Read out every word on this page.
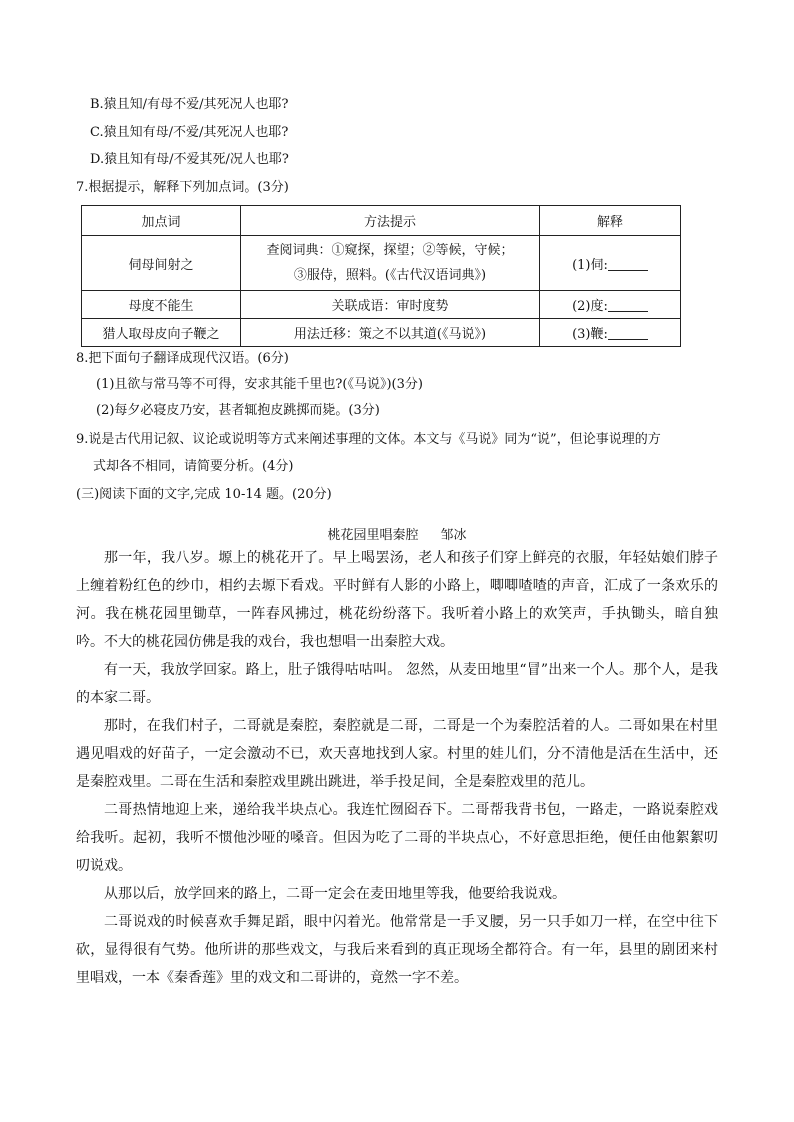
B.猿且知/有母不爱/其死况人也耶?
C.猿且知有母/不爱/其死况人也耶?
D.猿且知有母/不爱其死/况人也耶?
7.根据提示，解释下列加点词。(3分)
加点词	方法提示	解释
伺母间射之	查阅词典：①窥探，探望；②等候，守候；
③服侍，照料。(《古代汉语词典》)	(1)伺:
母度不能生	关联成语：审时度势	(2)度:
猎人取母皮向子鞭之	用法迁移：策之不以其道(《马说》)	(3)鞭:
8.把下面句子翻译成现代汉语。(6分)
(1)且欲与常马等不可得，安求其能千里也?(《马说》)(3分)
(2)每夕必寝皮乃安，甚者辄抱皮跳掷而毙。(3分)
9.说是古代用记叙、议论或说明等方式来阐述事理的文体。本文与《马说》同为“说”，但论事说理的方
式却各不相同，请简要分析。(4分)
(三)阅读下面的文字,完成 10-14 题。(20分)
桃花园里唱秦腔 邹冰

那一年，我八岁。塬上的桃花开了。早上喝罢汤，老人和孩子们穿上鲜亮的衣服，年轻姑娘们脖子上缠着粉红色的纱巾，相约去塬下看戏。平时鲜有人影的小路上，唧唧喳喳的声音，汇成了一条欢乐的河。我在桃花园里锄草，一阵春风拂过，桃花纷纷落下。我听着小路上的欢笑声，手执锄头，暗自独吟。不大的桃花园仿佛是我的戏台，我也想唱一出秦腔大戏。

有一天，我放学回家。路上，肚子饿得咕咕叫。 忽然，从麦田地里“冒”出来一个人。那个人，是我的本家二哥。

那时，在我们村子，二哥就是秦腔，秦腔就是二哥，二哥是一个为秦腔活着的人。二哥如果在村里遇见唱戏的好苗子，一定会激动不已，欢天喜地找到人家。村里的娃儿们，分不清他是活在生活中，还是秦腔戏里。二哥在生活和秦腔戏里跳出跳进，举手投足间，全是秦腔戏里的范儿。

二哥热情地迎上来，递给我半块点心。我连忙囫囵吞下。二哥帮我背书包，一路走，一路说秦腔戏给我听。起初，我听不惯他沙哑的嗓音。但因为吃了二哥的半块点心，不好意思拒绝，便任由他絮絮叨叨说戏。

从那以后，放学回来的路上，二哥一定会在麦田地里等我，他要给我说戏。

二哥说戏的时候喜欢手舞足蹈，眼中闪着光。他常常是一手叉腰，另一只手如刀一样，在空中往下砍，显得很有气势。他所讲的那些戏文，与我后来看到的真正现场全都符合。有一年，县里的剧团来村里唱戏，一本《秦香莲》里的戏文和二哥讲的，竟然一字不差。
